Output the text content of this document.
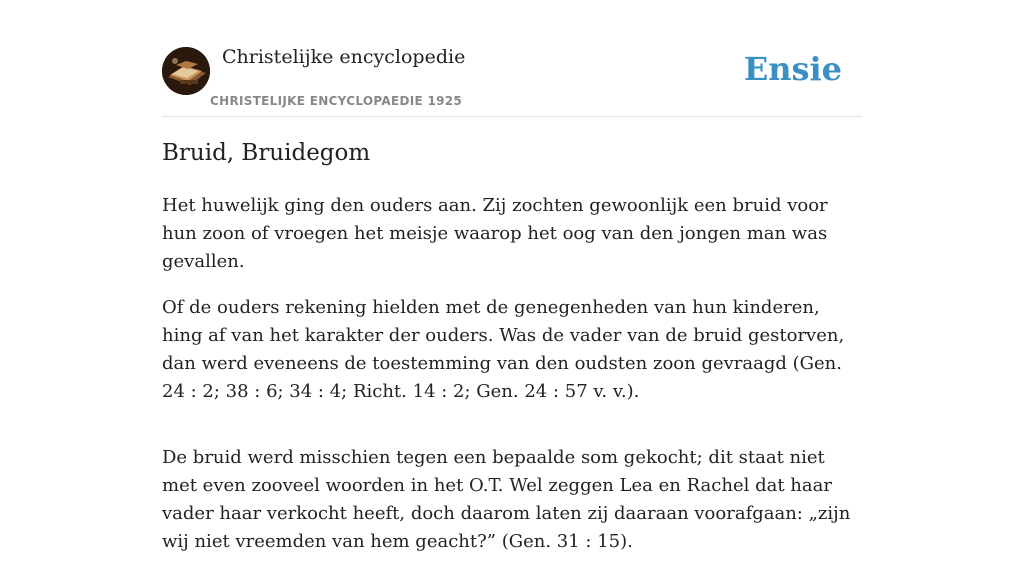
Christelijke encyclopedie
CHRISTELIJKE ENCYCLOPAEDIE 1925
Ensie
Bruid, Bruidegom

Het huwelijk ging den ouders aan. Zij zochten gewoonlijk een bruid voor hun zoon of vroegen het meisje waarop het oog van den jongen man was gevallen.

Of de ouders rekening hielden met de genegenheden van hun kinderen, hing af van het karakter der ouders. Was de vader van de bruid gestorven, dan werd eveneens de toestemming van den oudsten zoon gevraagd (Gen. 24 : 2; 38 : 6; 34 : 4; Richt. 14 : 2; Gen. 24 : 57 v. v.).

De bruid werd misschien tegen een bepaalde som gekocht; dit staat niet met even zooveel woorden in het O.T. Wel zeggen Lea en Rachel dat haar vader haar verkocht heeft, doch daarom laten zij daaraan voorafgaan: „zijn wij niet vreemden van hem geacht?” (Gen. 31 : 15).
